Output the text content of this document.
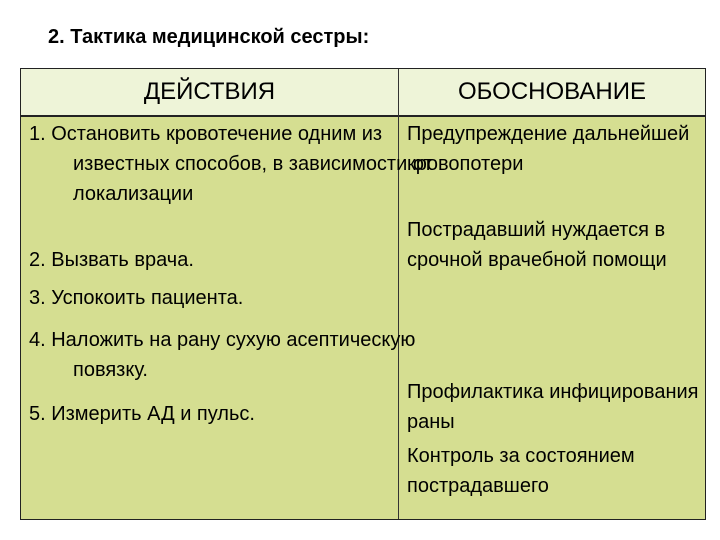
2. Тактика медицинской сестры:
ДЕЙСТВИЯ	ОБОСНОВАНИЕ
1. Остановить кровотечение одним из известных способов, в зависимости от локализации
2. Вызвать врача.
3. Успокоить пациента.
4. Наложить на рану сухую асептическую повязку.
5. Измерить АД и пульс.
Предупреждение дальнейшей кровопотери
Пострадавший нуждается в срочной врачебной помощи
Профилактика инфицирования раны
Контроль за состоянием пострадавшего
